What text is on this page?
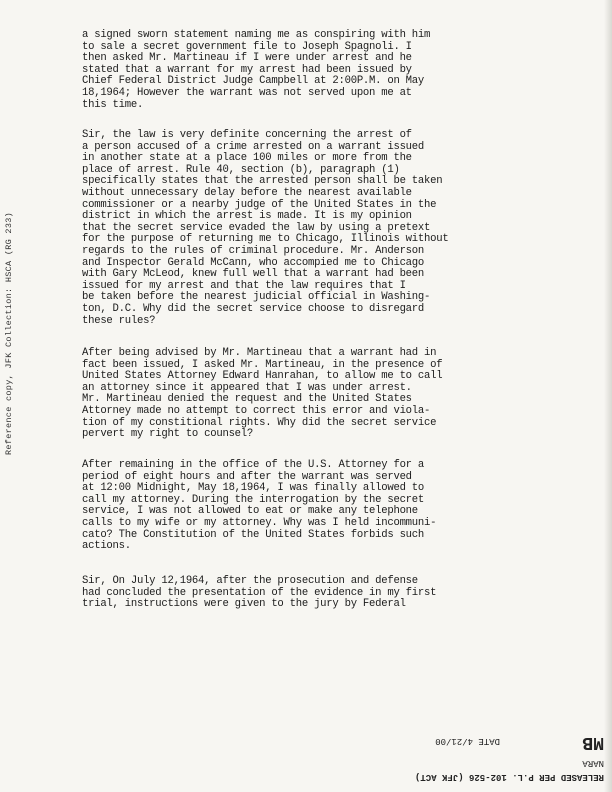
Reference copy, JFK Collection: HSCA (RG 233)
a signed sworn statement naming me as conspiring with him
to sale a secret government file to Joseph Spagnoli. I
then asked Mr. Martineau if I were under arrest and he
stated that a warrant for my arrest had been issued by
Chief Federal District Judge Campbell at 2:00P.M. on May
18,1964; However the warrant was not served upon me at
this time.
Sir, the law is very definite concerning the arrest of
a person accused of a crime arrested on a warrant issued
in another state at a place 100 miles or more from the
place of arrest. Rule 40, section (b), paragraph (1)
specifically states that the arrested person shall be taken
without unnecessary delay before the nearest available
commissioner or a nearby judge of the United States in the
district in which the arrest is made. It is my opinion
that the secret service evaded the law by using a pretext
for the purpose of returning me to Chicago, Illinois without
regards to the rules of criminal procedure. Mr. Anderson
and Inspector Gerald McCann, who accompied me to Chicago
with Gary McLeod, knew full well that a warrant had been
issued for my arrest and that the law requires that I
be taken before the nearest judicial official in Washing-
ton, D.C. Why did the secret service choose to disregard
these rules?
After being advised by Mr. Martineau that a warrant had in
fact been issued, I asked Mr. Martineau, in the presence of
United States Attorney Edward Hanrahan, to allow me to call
an attorney since it appeared that I was under arrest.
Mr. Martineau denied the request and the United States
Attorney made no attempt to correct this error and viola-
tion of my constitional rights. Why did the secret service
pervert my right to counsel?
After remaining in the office of the U.S. Attorney for a
period of eight hours and after the warrant was served
at 12:00 Midnight, May 18,1964, I was finally allowed to
call my attorney. During the interrogation by the secret
service, I was not allowed to eat or make any telephone
calls to my wife or my attorney. Why was I held incommuni-
cato? The Constitution of the United States forbids such
actions.
Sir, On July 12,1964, after the prosecution and defense
had concluded the presentation of the evidence in my first
trial, instructions were given to the jury by Federal
RELEASED PER P.L. 102-526 (JFK ACT)
NARA
MB
DATE 4/21/00
